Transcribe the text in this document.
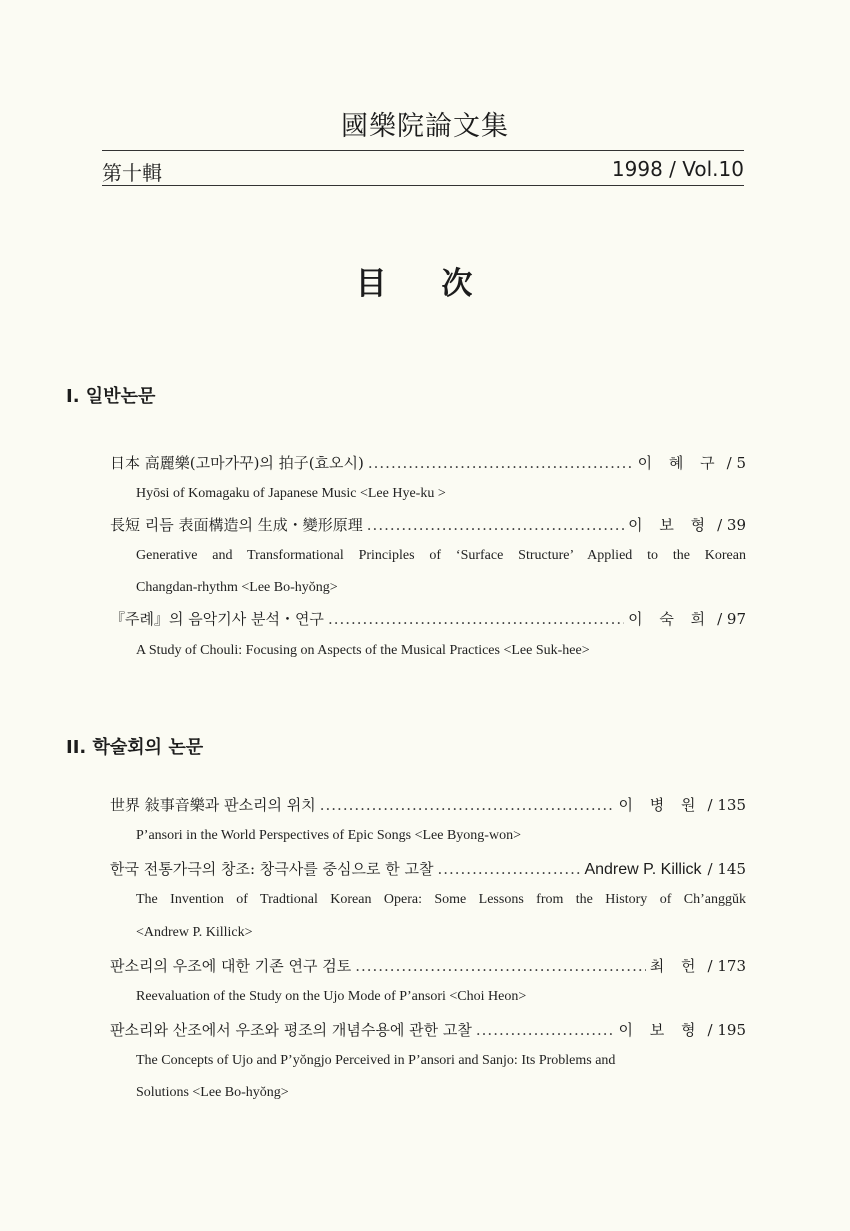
國樂院論文集
第十輯	1998 / Vol.10
目 次
I. 일반논문
日本 高麗樂(고마가꾸)의 拍子(효오시) .....	이 혜 구 / 5
Hyōsi of Komagaku of Japanese Music <Lee Hye-ku >
長短 리듬 表面構造의 生成・變形原理 .....	이 보 형 / 39
Generative and Transformational Principles of ‘Surface Structure’ Applied to the Korean
Changdan-rhythm <Lee Bo-hyŏng>
『주례』의 음악기사 분석・연구 .....	이 숙 희 / 97
A Study of Chouli: Focusing on Aspects of the Musical Practices <Lee Suk-hee>
II. 학술회의 논문
世界 敍事音樂과 판소리의 위치 .....	이 병 원 / 135
P’ansori in the World Perspectives of Epic Songs <Lee Byong-won>
한국 전통가극의 창조: 창극사를 중심으로 한 고찰 .....	Andrew P. Killick / 145
The Invention of Tradtional Korean Opera: Some Lessons from the History of Ch’anggŭk
<Andrew P. Killick>
판소리의 우조에 대한 기존 연구 검토 .....	최 헌 / 173
Reevaluation of the Study on the Ujo Mode of P’ansori <Choi Heon>
판소리와 산조에서 우조와 평조의 개념수용에 관한 고찰 .....	이 보 형 / 195
The Concepts of Ujo and P’yŏngjo Perceived in P’ansori and Sanjo: Its Problems and
Solutions <Lee Bo-hyŏng>
